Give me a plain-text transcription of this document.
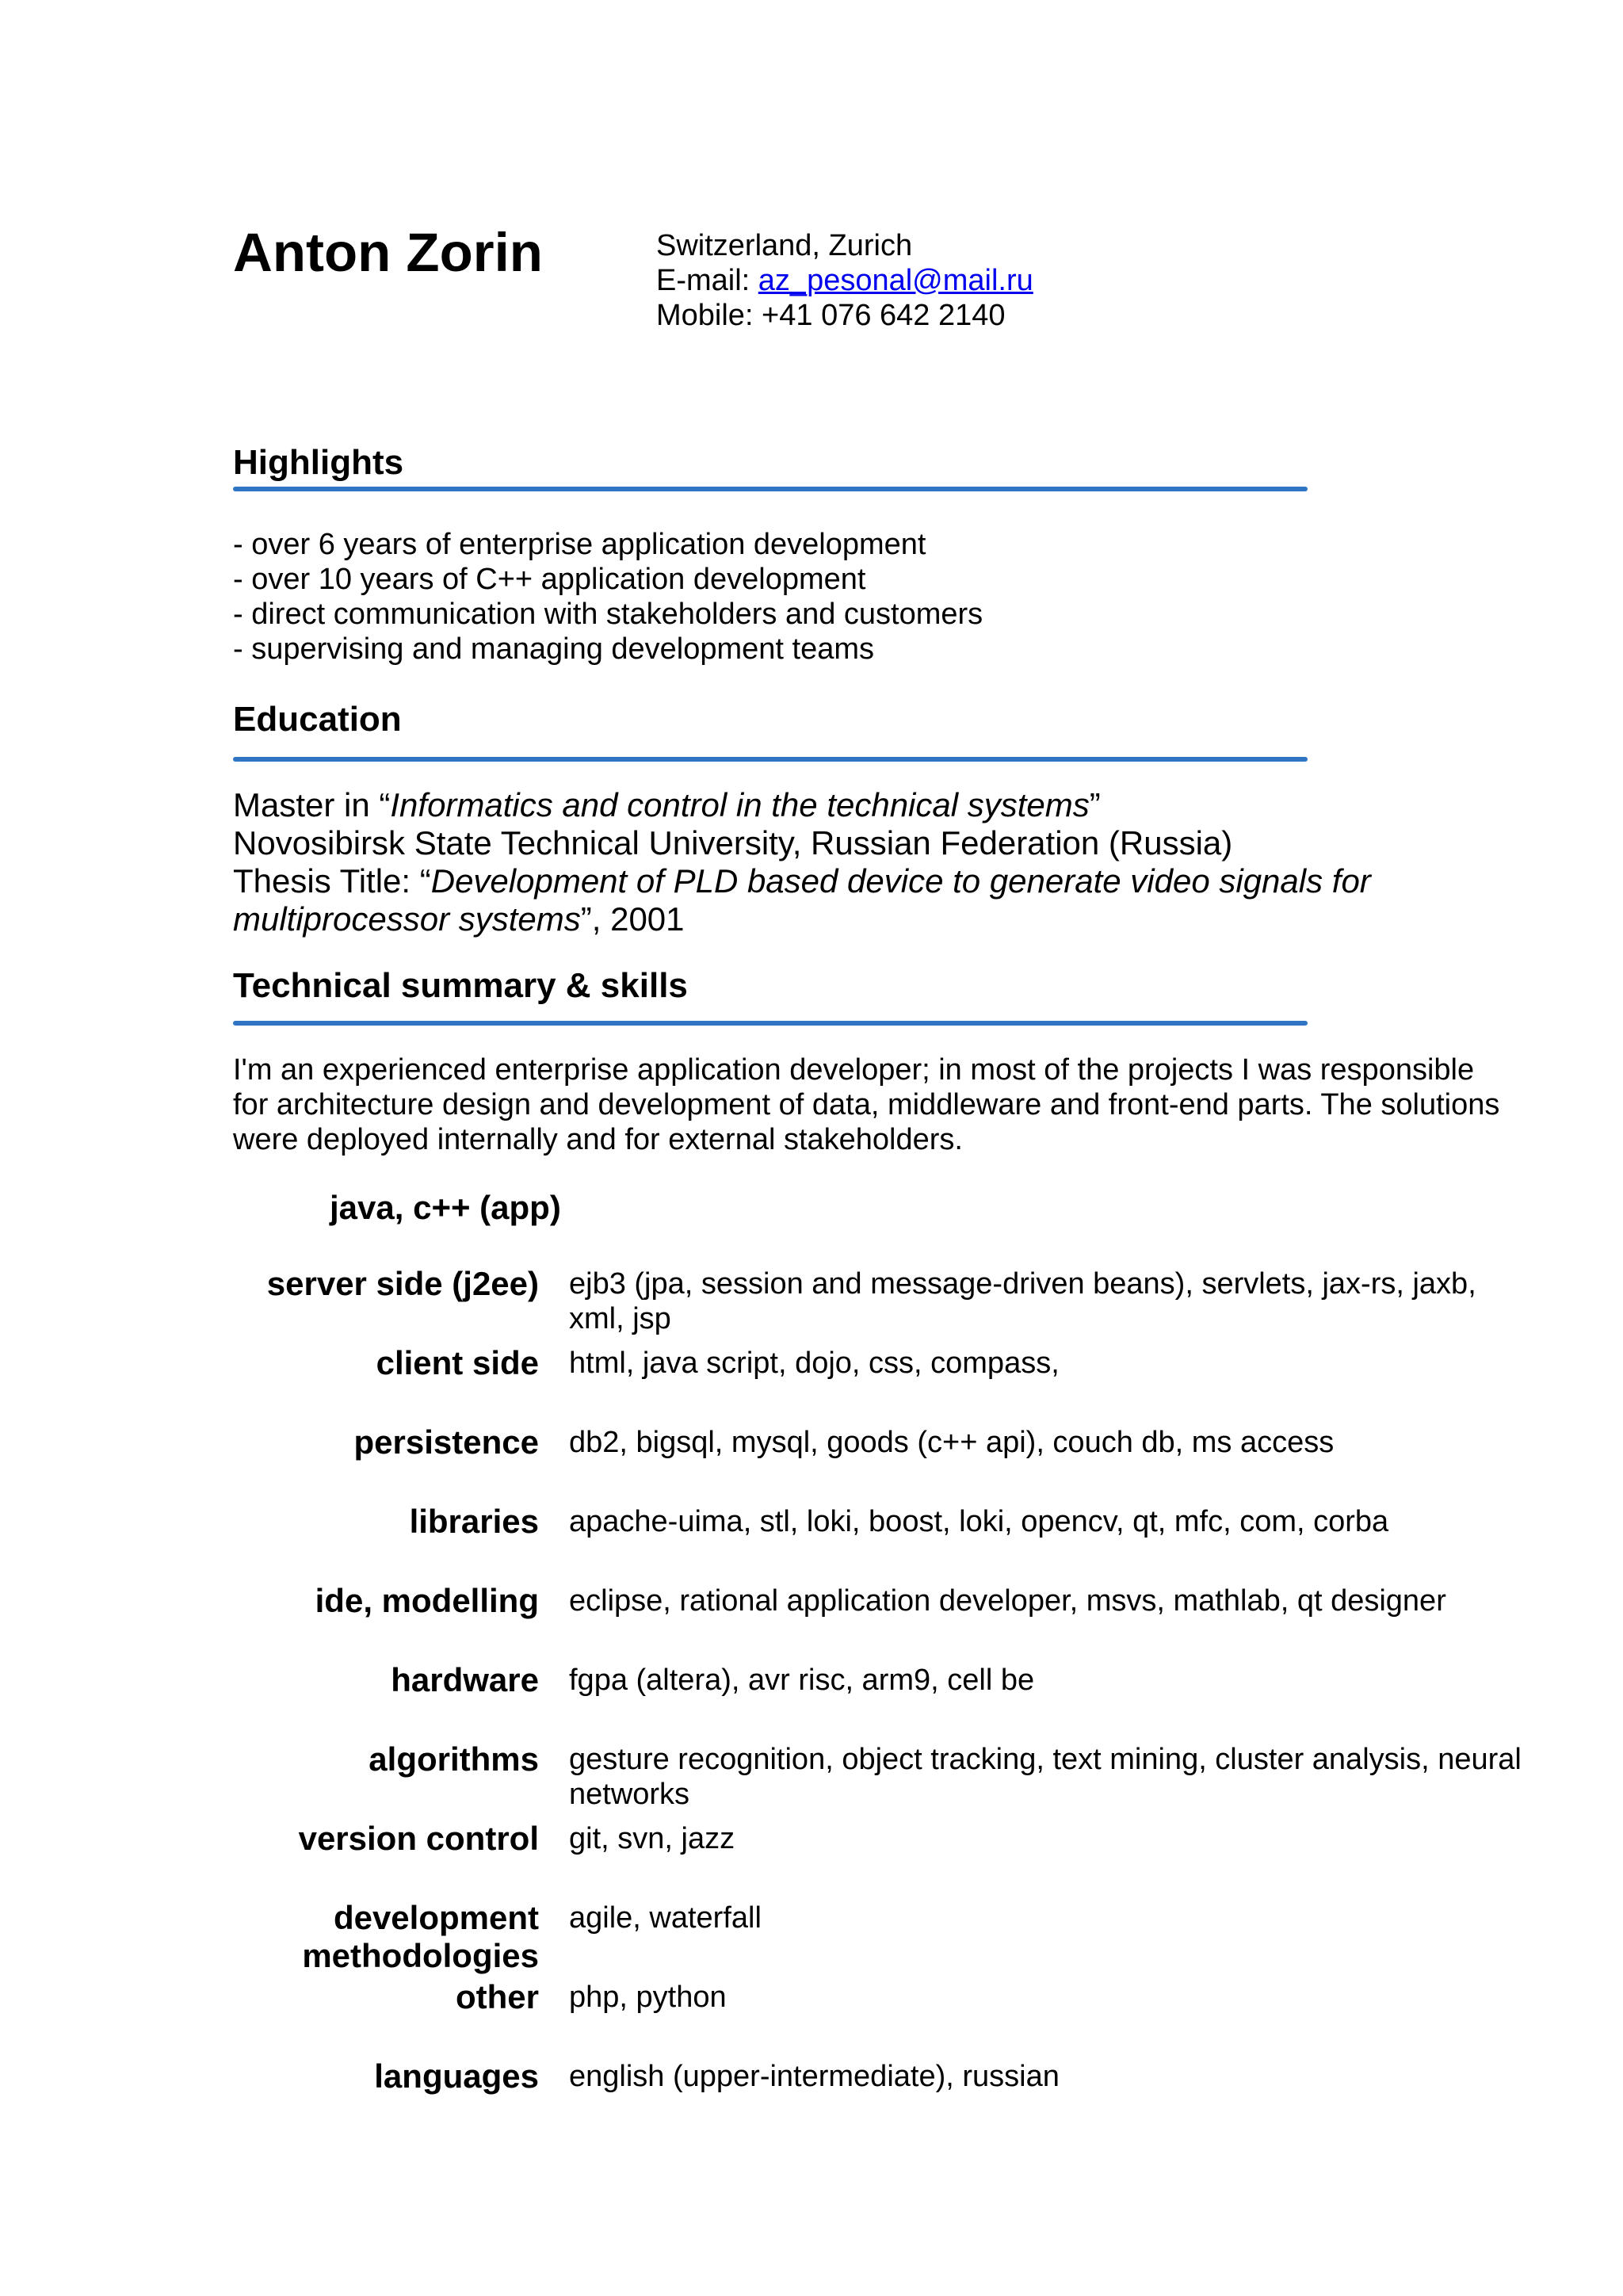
Anton Zorin	Switzerland, Zurich
E-mail: az_pesonal@mail.ru
Mobile: +41 076 642 2140
Highlights
- over 6 years of enterprise application development
- over 10 years of C++ application development
- direct communication with stakeholders and customers
- supervising and managing development teams
Education
Master in “Informatics and control in the technical systems”
Novosibirsk State Technical University, Russian Federation (Russia)
Thesis Title: “Development of PLD based device to generate video signals for
multiprocessor systems”, 2001
Technical summary & skills
I'm an experienced enterprise application developer; in most of the projects I was responsible
for architecture design and development of data, middleware and front-end parts. The solutions
were deployed internally and for external stakeholders.
java, c++ (app)
server side (j2ee) ejb3 (jpa, session and message-driven beans), servlets, jax-rs, jaxb, xml, jsp
client side html, java script, dojo, css, compass,
persistence db2, bigsql, mysql, goods (c++ api), couch db, ms access
libraries apache-uima, stl, loki, boost, loki, opencv, qt, mfc, com, corba
ide, modelling eclipse, rational application developer, msvs, mathlab, qt designer
hardware fgpa (altera), avr risc, arm9, cell be
algorithms gesture recognition, object tracking, text mining, cluster analysis, neural networks
version control git, svn, jazz
development methodologies
agile, waterfall
other php, python
languages english (upper-intermediate), russian
